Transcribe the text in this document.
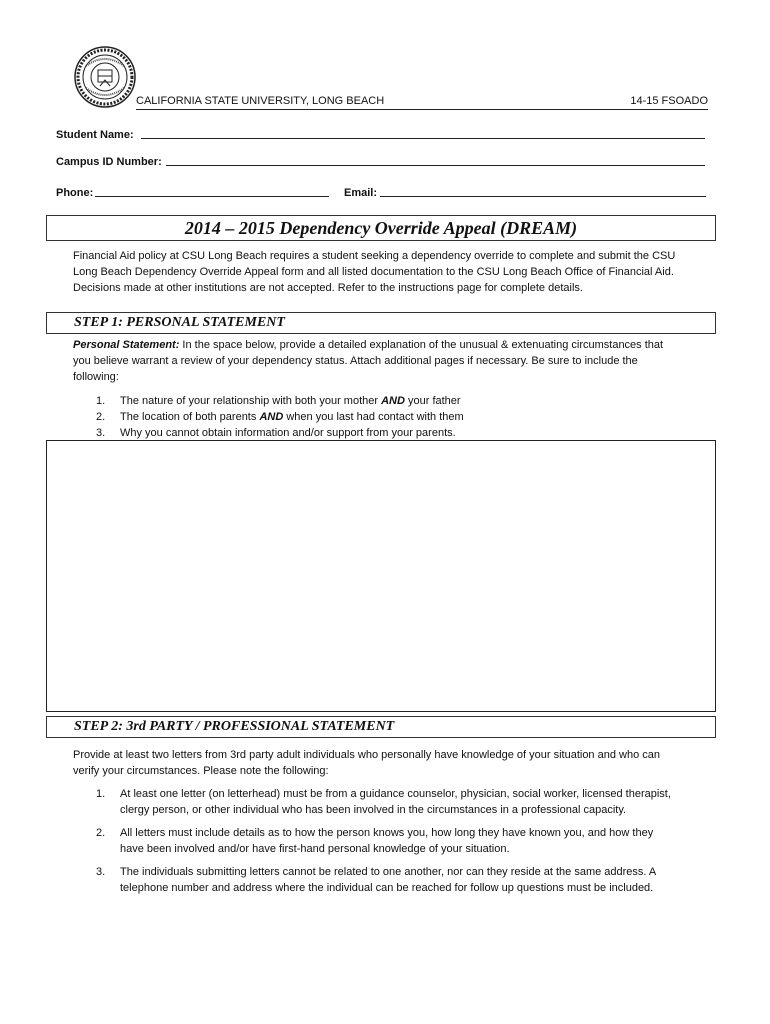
CALIFORNIA STATE UNIVERSITY, LONG BEACH	14-15 FSOADO
Student Name:
Campus ID Number:
Phone:	Email:
2014 – 2015 Dependency Override Appeal (DREAM)
Financial Aid policy at CSU Long Beach requires a student seeking a dependency override to complete and submit the CSU
Long Beach Dependency Override Appeal form and all listed documentation to the CSU Long Beach Office of Financial Aid.
Decisions made at other institutions are not accepted. Refer to the instructions page for complete details.
STEP 1: PERSONAL STATEMENT
Personal Statement: In the space below, provide a detailed explanation of the unusual & extenuating circumstances that
you believe warrant a review of your dependency status. Attach additional pages if necessary. Be sure to include the
following:
1.	The nature of your relationship with both your mother AND your father
2.	The location of both parents AND when you last had contact with them
3.	Why you cannot obtain information and/or support from your parents.
STEP 2: 3rd PARTY / PROFESSIONAL STATEMENT
Provide at least two letters from 3rd party adult individuals who personally have knowledge of your situation and who can
verify your circumstances. Please note the following:
1.	At least one letter (on letterhead) must be from a guidance counselor, physician, social worker, licensed therapist,
clergy person, or other individual who has been involved in the circumstances in a professional capacity.
2.	All letters must include details as to how the person knows you, how long they have known you, and how they
have been involved and/or have first-hand personal knowledge of your situation.
3.	The individuals submitting letters cannot be related to one another, nor can they reside at the same address. A
telephone number and address where the individual can be reached for follow up questions must be included.
